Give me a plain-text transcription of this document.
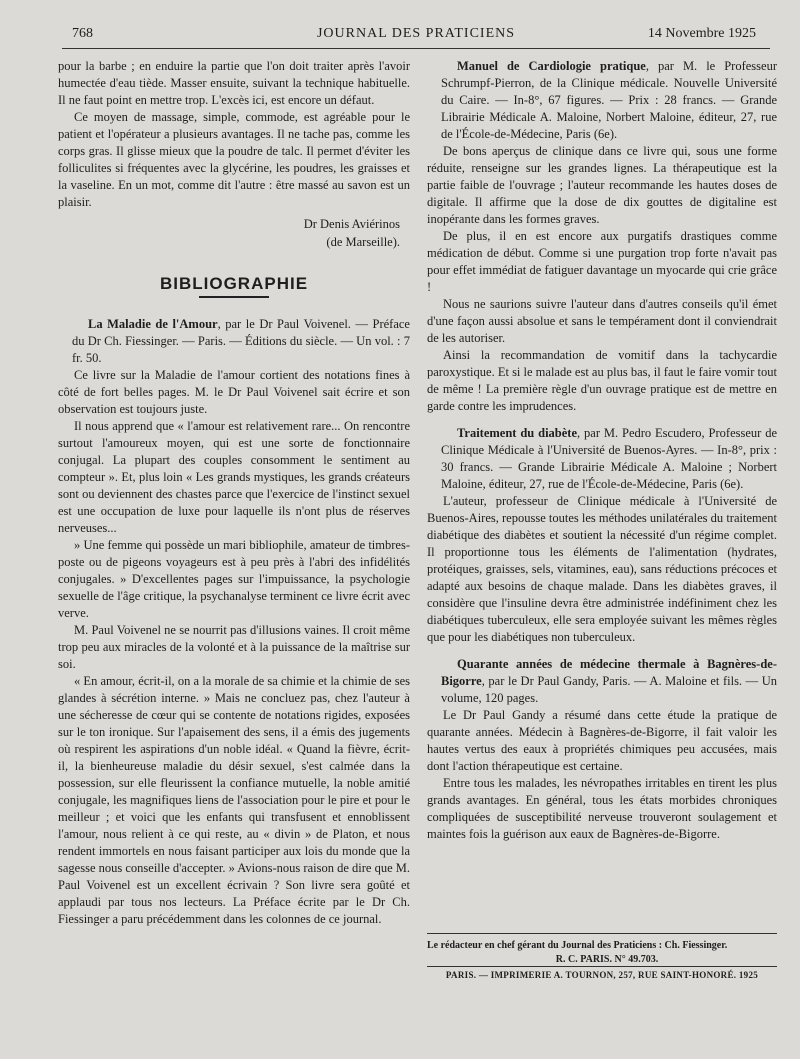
768	JOURNAL DES PRATICIENS	14 Novembre 1925

pour la barbe ; en enduire la partie que l'on doit traiter après l'avoir humectée d'eau tiède. Masser ensuite, suivant la technique habituelle. Il ne faut point en mettre trop. L'excès ici, est encore un défaut.

Ce moyen de massage, simple, commode, est agréable pour le patient et l'opérateur a plusieurs avantages. Il ne tache pas, comme les corps gras. Il glisse mieux que la poudre de talc. Il permet d'éviter les folliculites si fréquentes avec la glycérine, les poudres, les graisses et la vaseline. En un mot, comme dit l'autre : être massé au savon est un plaisir.

Dr Denis Aviérinos
(de Marseille).
BIBLIOGRAPHIE

La Maladie de l'Amour, par le Dr Paul Voivenel. — Préface du Dr Ch. Fiessinger. — Paris. — Éditions du siècle. — Un vol. : 7 fr. 50.

Ce livre sur la Maladie de l'amour cortient des notations fines à côté de fort belles pages. M. le Dr Paul Voivenel sait écrire et son observation est toujours juste.

Il nous apprend que « l'amour est relativement rare... On rencontre surtout l'amoureux moyen, qui est une sorte de fonctionnaire conjugal. La plupart des couples consomment le sentiment au compteur ». Et, plus loin « Les grands mystiques, les grands créateurs sont ou deviennent des chastes parce que l'exercice de l'instinct sexuel est une occupation de luxe pour laquelle ils n'ont plus de réserves nerveuses...

» Une femme qui possède un mari bibliophile, amateur de timbres-poste ou de pigeons voyageurs est à peu près à l'abri des infidélités conjugales. » D'excellentes pages sur l'impuissance, la psychologie sexuelle de l'âge critique, la psychanalyse terminent ce livre écrit avec verve.

M. Paul Voivenel ne se nourrit pas d'illusions vaines. Il croit même trop peu aux miracles de la volonté et à la puissance de la maîtrise sur soi.

« En amour, écrit-il, on a la morale de sa chimie et la chimie de ses glandes à sécrétion interne. » Mais ne concluez pas, chez l'auteur à une sécheresse de cœur qui se contente de notations rigides, exposées sur le ton ironique. Sur l'apaisement des sens, il a émis des jugements où respirent les aspirations d'un noble idéal. « Quand la fièvre, écrit-il, la bienheureuse maladie du désir sexuel, s'est calmée dans la possession, sur elle fleurissent la confiance mutuelle, la noble amitié conjugale, les magnifiques liens de l'association pour le pire et pour le meilleur ; et voici que les enfants qui transfusent et ennoblissent l'amour, nous relient à ce qui reste, au « divin » de Platon, et nous rendent immortels en nous faisant participer aux lois du monde que la sagesse nous conseille d'accepter. » Avions-nous raison de dire que M. Paul Voivenel est un excellent écrivain ? Son livre sera goûté et applaudi par tous nos lecteurs. La Préface écrite par le Dr Ch. Fiessinger a paru précédemment dans les colonnes de ce journal.

Manuel de Cardiologie pratique, par M. le Professeur Schrumpf-Pierron, de la Clinique médicale. Nouvelle Université du Caire. — In-8°, 67 figures. — Prix : 28 francs. — Grande Librairie Médicale A. Maloine, Norbert Maloine, éditeur, 27, rue de l'École-de-Médecine, Paris (6e).

De bons aperçus de clinique dans ce livre qui, sous une forme réduite, renseigne sur les grandes lignes. La thérapeutique est la partie faible de l'ouvrage ; l'auteur recommande les hautes doses de digitale. Il affirme que la dose de dix gouttes de digitaline est inopérante dans les formes graves.

De plus, il en est encore aux purgatifs drastiques comme médication de début. Comme si une purgation trop forte n'avait pas pour effet immédiat de fatiguer davantage un myocarde qui crie grâce !

Nous ne saurions suivre l'auteur dans d'autres conseils qu'il émet d'une façon aussi absolue et sans le tempérament dont il conviendrait de les autoriser.

Ainsi la recommandation de vomitif dans la tachycardie paroxystique. Et si le malade est au plus bas, il faut le faire vomir tout de même ! La première règle d'un ouvrage pratique est de mettre en garde contre les imprudences.

Traitement du diabète, par M. Pedro Escudero, Professeur de Clinique Médicale à l'Université de Buenos-Ayres. — In-8°, prix : 30 francs. — Grande Librairie Médicale A. Maloine ; Norbert Maloine, éditeur, 27, rue de l'École-de-Médecine, Paris (6e).

L'auteur, professeur de Clinique médicale à l'Université de Buenos-Aires, repousse toutes les méthodes unilatérales du traitement diabétique des diabètes et soutient la nécessité d'un régime complet. Il proportionne tous les éléments de l'alimentation (hydrates, protéiques, graisses, sels, vitamines, eau), sans réductions précoces et adapté aux besoins de chaque malade. Dans les diabètes graves, il considère que l'insuline devra être administrée indéfiniment chez les diabétiques tuberculeux, elle sera employée suivant les mêmes règles que pour les diabétiques non tuberculeux.

Quarante années de médecine thermale à Bagnères-de-Bigorre, par le Dr Paul Gandy, Paris. — A. Maloine et fils. — Un volume, 120 pages.

Le Dr Paul Gandy a résumé dans cette étude la pratique de quarante années. Médecin à Bagnères-de-Bigorre, il fait valoir les hautes vertus des eaux à propriétés chimiques peu accusées, mais dont l'action thérapeutique est certaine.

Entre tous les malades, les névropathes irritables en tirent les plus grands avantages. En général, tous les états morbides chroniques compliquées de susceptibilité nerveuse trouveront soulagement et maintes fois la guérison aux eaux de Bagnères-de-Bigorre.

Le rédacteur en chef gérant du Journal des Praticiens : Ch. Fiessinger.
R. C. PARIS. N° 49.703.
PARIS. — IMPRIMERIE A. TOURNON, 257, RUE SAINT-HONORÉ. 1925
